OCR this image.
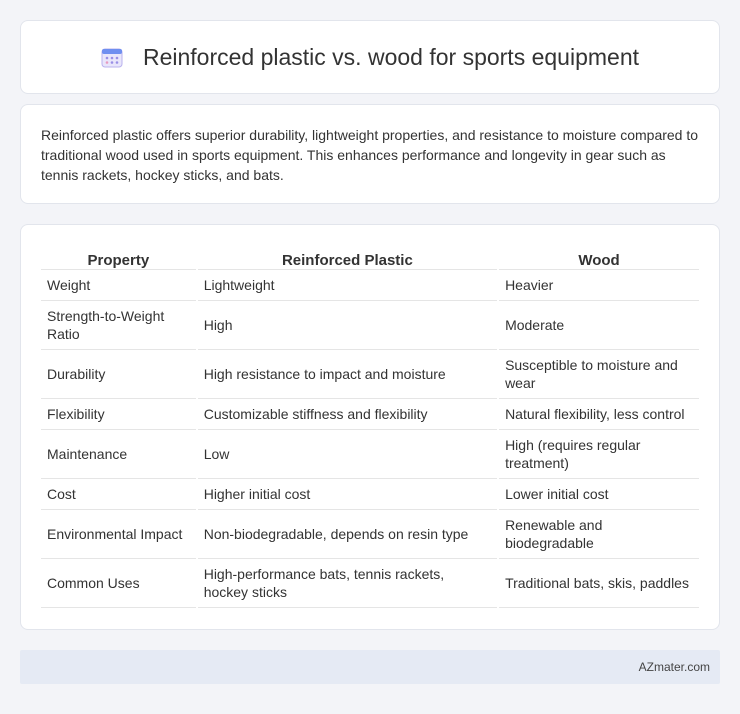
Reinforced plastic vs. wood for sports equipment

Reinforced plastic offers superior durability, lightweight properties, and resistance to moisture compared to traditional wood used in sports equipment. This enhances performance and longevity in gear such as tennis rackets, hockey sticks, and bats.

Property	Reinforced Plastic	Wood
Weight	Lightweight	Heavier
Strength-to-Weight Ratio	High	Moderate
Durability	High resistance to impact and moisture	Susceptible to moisture and wear
Flexibility	Customizable stiffness and flexibility	Natural flexibility, less control
Maintenance	Low	High (requires regular treatment)
Cost	Higher initial cost	Lower initial cost
Environmental Impact	Non-biodegradable, depends on resin type	Renewable and biodegradable
Common Uses	High-performance bats, tennis rackets, hockey sticks	Traditional bats, skis, paddles
AZmater.com
